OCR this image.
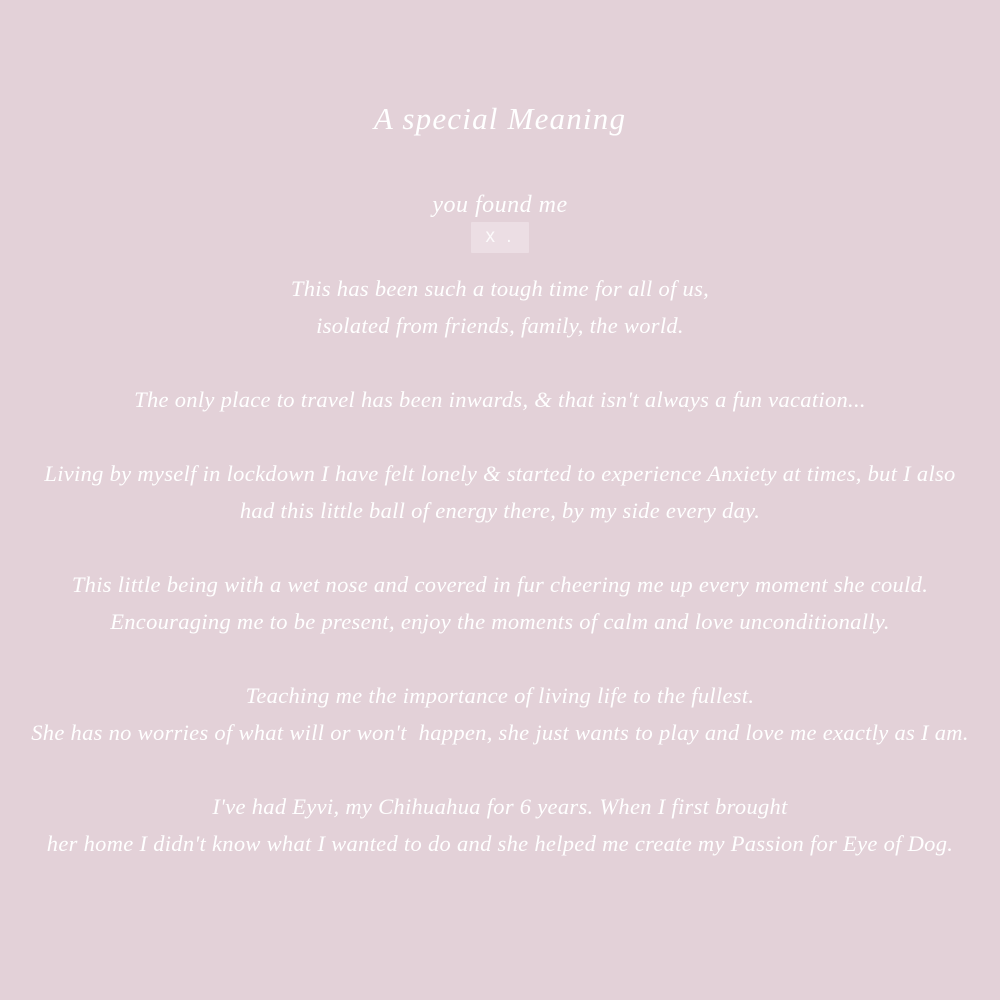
A special Meaning
you found me
x .

This has been such a tough time for all of us,
isolated from friends, family, the world.

The only place to travel has been inwards, & that isn't always a fun vacation...

Living by myself in lockdown I have felt lonely & started to experience Anxiety at times, but I also
had this little ball of energy there, by my side every day.

This little being with a wet nose and covered in fur cheering me up every moment she could.
Encouraging me to be present, enjoy the moments of calm and love unconditionally.

Teaching me the importance of living life to the fullest.
She has no worries of what will or won't  happen, she just wants to play and love me exactly as I am.

I've had Eyvi, my Chihuahua for 6 years. When I first brought
her home I didn't know what I wanted to do and she helped me create my Passion for Eye of Dog.
